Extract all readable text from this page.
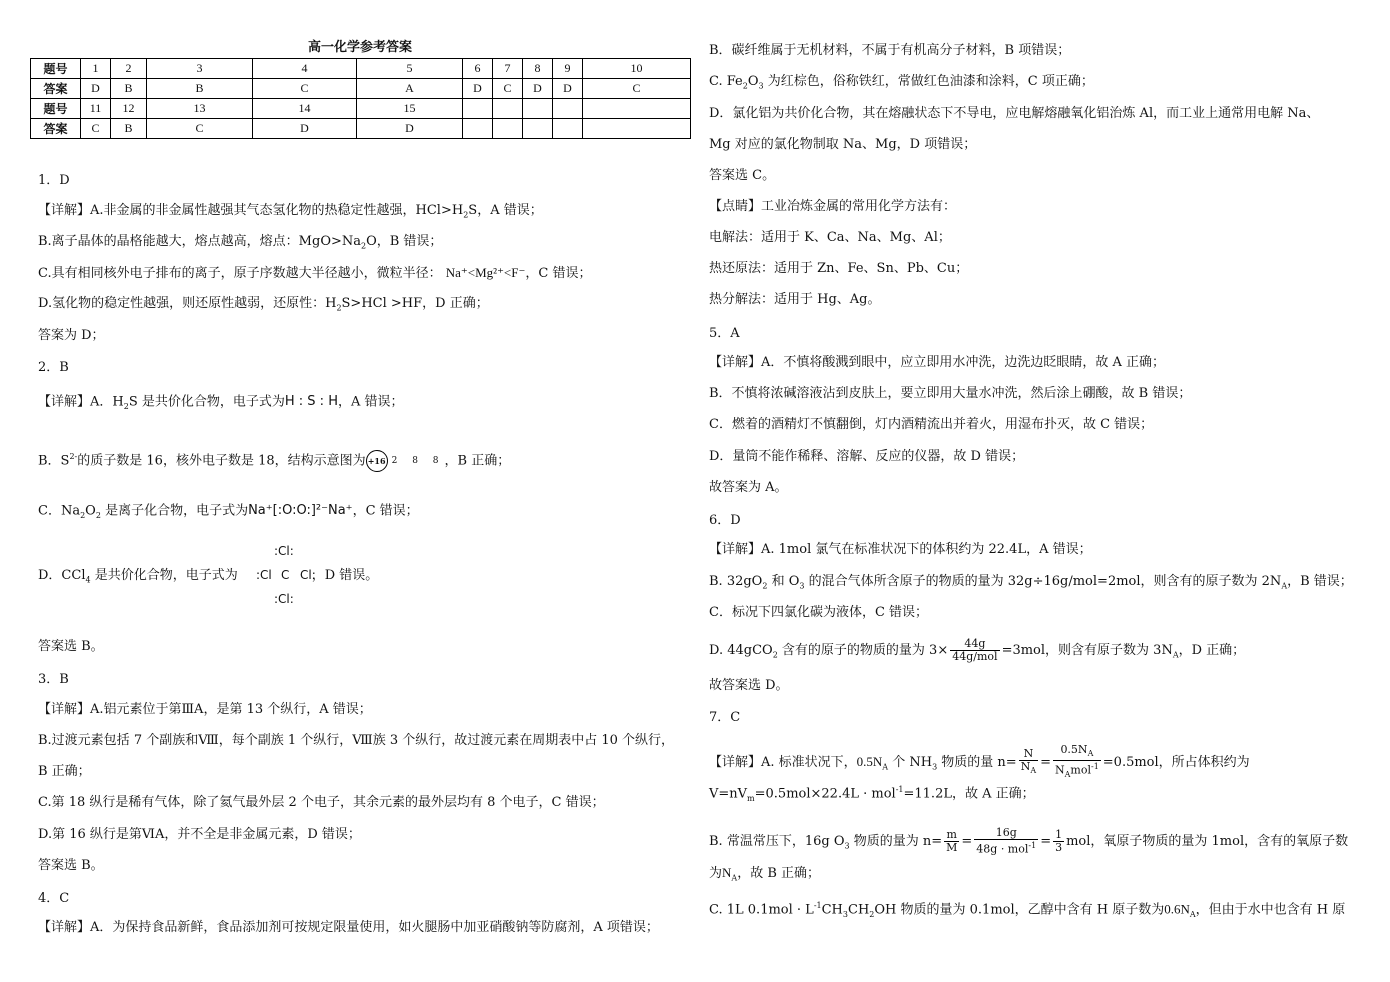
高一化学参考答案
题号	1	2	3	4	5	6	7	8	9	10
答案	D	B	B	C	A	D	C	D	D	C
题号	11	12	13	14	15					
答案	C	B	C	D	D					
1．D
【详解】A.非金属的非金属性越强其气态氢化物的热稳定性越强，$HCl>H_2S$，A 错误；
B.离子晶体的晶格能越大，熔点越高，熔点：$MgO>Na_2O$，B 错误；
C.具有相同核外电子排布的离子，原子序数越大半径越小，微粒半径： Na⁺<Mg²⁺<F⁻，C 错误；
D.氢化物的稳定性越强，则还原性越弱，还原性：$H_2S>HCl >HF$，D 正确；
答案为 D；
2．B
【详解】A．$H_2S$ 是共价化合物，电子式为H : S : H，A 错误；
B．$S^{2-}$的质子数是 16，核外电子数是 18，结构示意图为 +16 2 8 8，B 正确；
C．$Na_2O_2$ 是离子化合物，电子式为Na⁺[:O:O:]²⁻Na⁺，C 错误；
D．CCl$_4$ 是共价化合物，电子式为	，D 错误。
:Cl:
:Cl C Cl:
:Cl:
答案选 B。
3．B
【详解】A.铝元素位于第ⅢA，是第 13 个纵行，A 错误；
B.过渡元素包括 7 个副族和Ⅷ，每个副族 1 个纵行，Ⅷ族 3 个纵行，故过渡元素在周期表中占 10 个纵行，
B 正确；
C.第 18 纵行是稀有气体，除了氦气最外层 2 个电子，其余元素的最外层均有 8 个电子，C 错误；
D.第 16 纵行是第ⅥA，并不全是非金属元素，D 错误；
答案选 B。
4．C
【详解】A．为保持食品新鲜，食品添加剂可按规定限量使用，如火腿肠中加亚硝酸钠等防腐剂，A 项错误；
B．碳纤维属于无机材料，不属于有机高分子材料，B 项错误；
C. $Fe_2O_3$ 为红棕色，俗称铁红，常做红色油漆和涂料，C 项正确；
D．氯化铝为共价化合物，其在熔融状态下不导电，应电解熔融氧化铝治炼 Al，而工业上通常用电解 Na、
Mg 对应的氯化物制取 Na、Mg，D 项错误；
答案选 C。
【点睛】工业冶炼金属的常用化学方法有：
电解法：适用于 K、Ca、Na、Mg、Al；
热还原法：适用于 Zn、Fe、Sn、Pb、Cu；
热分解法：适用于 Hg、Ag。
5．A
【详解】A．不慎将酸溅到眼中，应立即用水冲洗，边洗边眨眼睛，故 A 正确；
B．不慎将浓碱溶液沾到皮肤上，要立即用大量水冲洗，然后涂上硼酸，故 B 错误；
C．燃着的酒精灯不慎翻倒，灯内酒精流出并着火，用湿布扑灭，故 C 错误；
D．量筒不能作稀释、溶解、反应的仪器，故 D 错误；
故答案为 A。
6．D
【详解】A. 1mol 氯气在标准状况下的体积约为 22.4L，A 错误；
B. $32gO_2$ 和 $O_3$ 的混合气体所含原子的物质的量为 32g÷16g/mol=2mol，则含有的原子数为 $2N_A$，B 错误；
C．标况下四氯化碳为液体，C 错误；
D. 44gCO$_2$ 含有的原子的物质的量为 $3\times \frac{44g}{\text{44g/mol}} =3mol$，则含有原子数为 $3N_A$，D 正确；
故答案选 D。
7．C
【详解】A. 标准状况下，$0.5N_A$ 个 $NH_3$ 物质的量 $n= \frac{N}{N_A} = \frac{0.5N_A}{N_Amol^{-1}} =0.5mol$，所占体积约为
$V=nV_m=0.5mol\times 22.4L \cdot mol^{-1}=11.2L$，故 A 正确；
B. 常温常压下，16g $O_3$ 物质的量为 $n= \frac{m}{M} = \frac{16g}{48g \cdot mol^{-1}} = \frac{1}{3}$ mol，氧原子物质的量为 1mol，含有的氧原子数
为$N_A$，故 B 正确；
C. 1L $0.1mol \cdot L^{-1}CH_3CH_2OH$ 物质的量为 0.1mol，乙醇中含有 H 原子数为$0.6N_A$，但由于水中也含有 H 原
